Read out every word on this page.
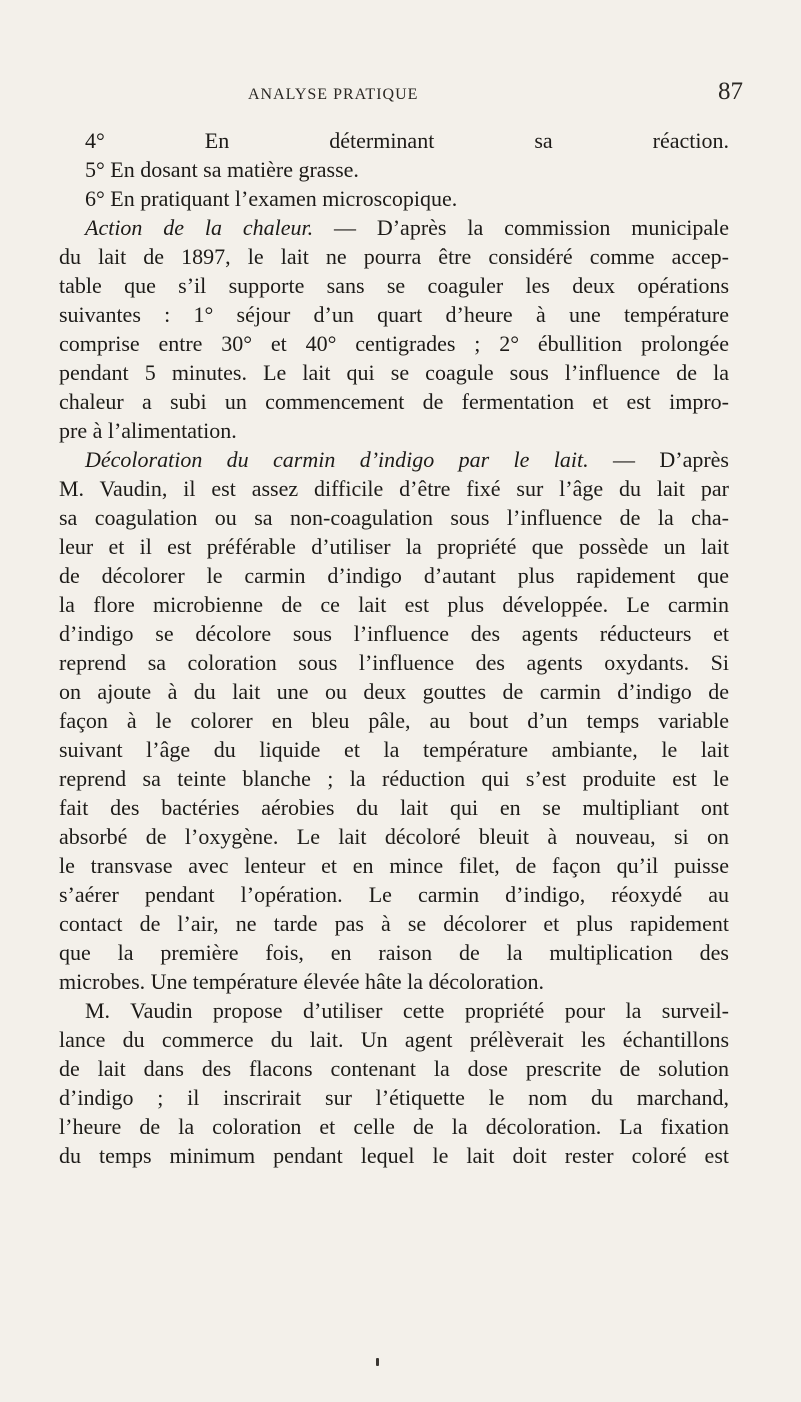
ANALYSE PRATIQUE	87
4° En déterminant sa réaction.
5° En dosant sa matière grasse.
6° En pratiquant l’examen microscopique.
Action de la chaleur. — D’après la commission municipale
du lait de 1897, le lait ne pourra être considéré comme accep-
table que s’il supporte sans se coaguler les deux opérations
suivantes : 1° séjour d’un quart d’heure à une température
comprise entre 30° et 40° centigrades ; 2° ébullition prolongée
pendant 5 minutes. Le lait qui se coagule sous l’influence de la
chaleur a subi un commencement de fermentation et est impro-
pre à l’alimentation.
Décoloration du carmin d’indigo par le lait. — D’après
M. Vaudin, il est assez difficile d’être fixé sur l’âge du lait par
sa coagulation ou sa non-coagulation sous l’influence de la cha-
leur et il est préférable d’utiliser la propriété que possède un lait
de décolorer le carmin d’indigo d’autant plus rapidement que
la flore microbienne de ce lait est plus développée. Le carmin
d’indigo se décolore sous l’influence des agents réducteurs et
reprend sa coloration sous l’influence des agents oxydants. Si
on ajoute à du lait une ou deux gouttes de carmin d’indigo de
façon à le colorer en bleu pâle, au bout d’un temps variable
suivant l’âge du liquide et la température ambiante, le lait
reprend sa teinte blanche ; la réduction qui s’est produite est le
fait des bactéries aérobies du lait qui en se multipliant ont
absorbé de l’oxygène. Le lait décoloré bleuit à nouveau, si on
le transvase avec lenteur et en mince filet, de façon qu’il puisse
s’aérer pendant l’opération. Le carmin d’indigo, réoxydé au
contact de l’air, ne tarde pas à se décolorer et plus rapidement
que la première fois, en raison de la multiplication des
microbes. Une température élevée hâte la décoloration.
M. Vaudin propose d’utiliser cette propriété pour la surveil-
lance du commerce du lait. Un agent prélèverait les échantillons
de lait dans des flacons contenant la dose prescrite de solution
d’indigo ; il inscrirait sur l’étiquette le nom du marchand,
l’heure de la coloration et celle de la décoloration. La fixation
du temps minimum pendant lequel le lait doit rester coloré est
